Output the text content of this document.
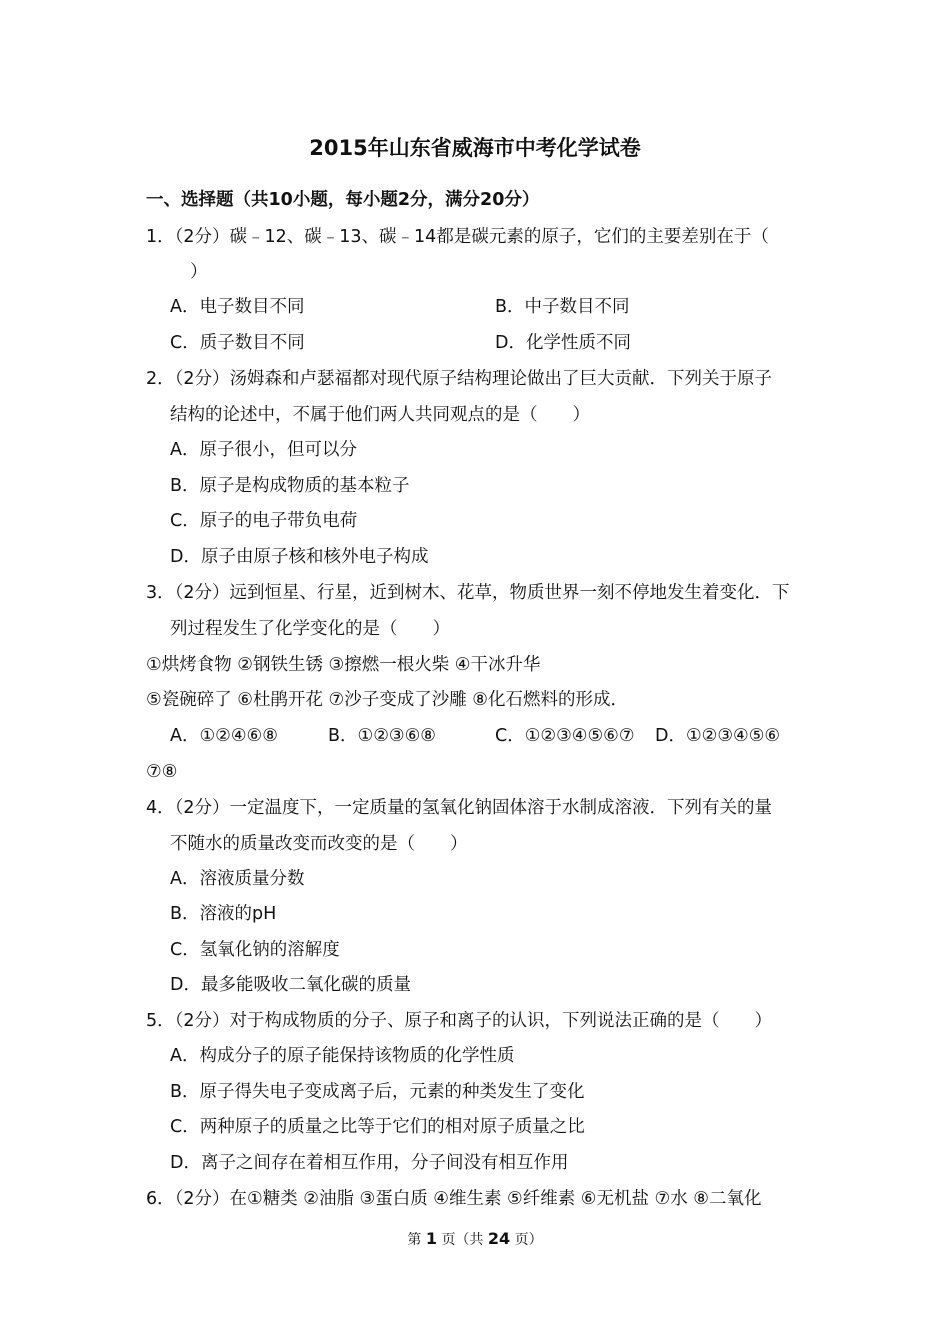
2015年山东省威海市中考化学试卷
一、选择题（共10小题，每小题2分，满分20分）
1．（2分）碳﹣12、碳﹣13、碳﹣14都是碳元素的原子，它们的主要差别在于（
）
A．电子数目不同	B．中子数目不同
C．质子数目不同	D．化学性质不同
2．（2分）汤姆森和卢瑟福都对现代原子结构理论做出了巨大贡献．下列关于原子
结构的论述中，不属于他们两人共同观点的是（　　）
A．原子很小，但可以分
B．原子是构成物质的基本粒子
C．原子的电子带负电荷
D．原子由原子核和核外电子构成
3．（2分）远到恒星、行星，近到树木、花草，物质世界一刻不停地发生着变化．下
列过程发生了化学变化的是（　　）
①烘烤食物 ②钢铁生锈 ③擦燃一根火柴 ④干冰升华
⑤瓷碗碎了 ⑥杜鹃开花 ⑦沙子变成了沙雕 ⑧化石燃料的形成．
A．①②④⑥⑧	B．①②③⑥⑧	C．①②③④⑤⑥⑦ D．①②③④⑤⑥
⑦⑧
4．（2分）一定温度下，一定质量的氢氧化钠固体溶于水制成溶液．下列有关的量
不随水的质量改变而改变的是（　　）
A．溶液质量分数
B．溶液的pH
C．氢氧化钠的溶解度
D．最多能吸收二氧化碳的质量
5．（2分）对于构成物质的分子、原子和离子的认识，下列说法正确的是（　　）
A．构成分子的原子能保持该物质的化学性质
B．原子得失电子变成离子后，元素的种类发生了变化
C．两种原子的质量之比等于它们的相对原子质量之比
D．离子之间存在着相互作用，分子间没有相互作用
6．（2分）在①糖类 ②油脂 ③蛋白质 ④维生素 ⑤纤维素 ⑥无机盐 ⑦水 ⑧二氧化
第 1 页（共 24 页）
